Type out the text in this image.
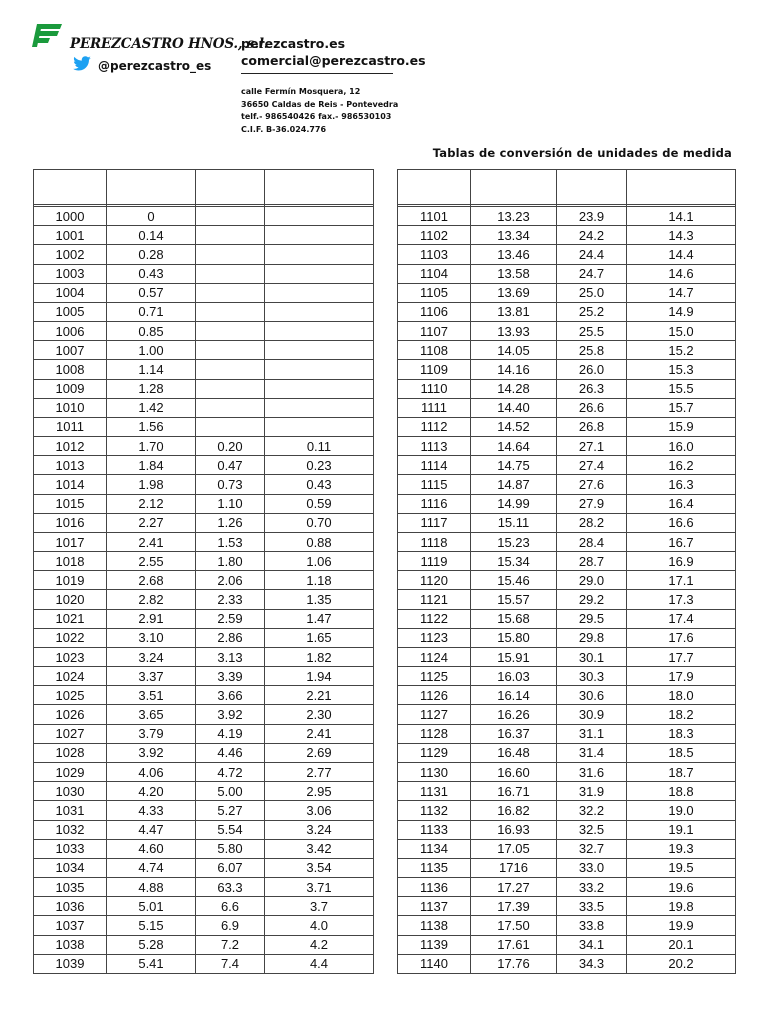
PEREZCASTRO HNOS., s.l.
@perezcastro_es
perezcastro.es
comercial@perezcastro.es
calle Fermín Mosquera, 12
36650 Caldas de Reis - Pontevedra
telf.- 986540426 fax.- 986530103
C.I.F. B-36.024.776
Tablas de conversión de unidades de medida

1000	0		
1001	0.14		
1002	0.28		
1003	0.43		
1004	0.57		
1005	0.71		
1006	0.85		
1007	1.00		
1008	1.14		
1009	1.28		
1010	1.42		
1011	1.56		
1012	1.70	0.20	0.11
1013	1.84	0.47	0.23
1014	1.98	0.73	0.43
1015	2.12	1.10	0.59
1016	2.27	1.26	0.70
1017	2.41	1.53	0.88
1018	2.55	1.80	1.06
1019	2.68	2.06	1.18
1020	2.82	2.33	1.35
1021	2.91	2.59	1.47
1022	3.10	2.86	1.65
1023	3.24	3.13	1.82
1024	3.37	3.39	1.94
1025	3.51	3.66	2.21
1026	3.65	3.92	2.30
1027	3.79	4.19	2.41
1028	3.92	4.46	2.69
1029	4.06	4.72	2.77
1030	4.20	5.00	2.95
1031	4.33	5.27	3.06
1032	4.47	5.54	3.24
1033	4.60	5.80	3.42
1034	4.74	6.07	3.54
1035	4.88	63.3	3.71
1036	5.01	6.6	3.7
1037	5.15	6.9	4.0
1038	5.28	7.2	4.2
1039	5.41	7.4	4.4

1101	13.23	23.9	14.1
1102	13.34	24.2	14.3
1103	13.46	24.4	14.4
1104	13.58	24.7	14.6
1105	13.69	25.0	14.7
1106	13.81	25.2	14.9
1107	13.93	25.5	15.0
1108	14.05	25.8	15.2
1109	14.16	26.0	15.3
1110	14.28	26.3	15.5
1111	14.40	26.6	15.7
1112	14.52	26.8	15.9
1113	14.64	27.1	16.0
1114	14.75	27.4	16.2
1115	14.87	27.6	16.3
1116	14.99	27.9	16.4
1117	15.11	28.2	16.6
1118	15.23	28.4	16.7
1119	15.34	28.7	16.9
1120	15.46	29.0	17.1
1121	15.57	29.2	17.3
1122	15.68	29.5	17.4
1123	15.80	29.8	17.6
1124	15.91	30.1	17.7
1125	16.03	30.3	17.9
1126	16.14	30.6	18.0
1127	16.26	30.9	18.2
1128	16.37	31.1	18.3
1129	16.48	31.4	18.5
1130	16.60	31.6	18.7
1131	16.71	31.9	18.8
1132	16.82	32.2	19.0
1133	16.93	32.5	19.1
1134	17.05	32.7	19.3
1135	1716	33.0	19.5
1136	17.27	33.2	19.6
1137	17.39	33.5	19.8
1138	17.50	33.8	19.9
1139	17.61	34.1	20.1
1140	17.76	34.3	20.2
